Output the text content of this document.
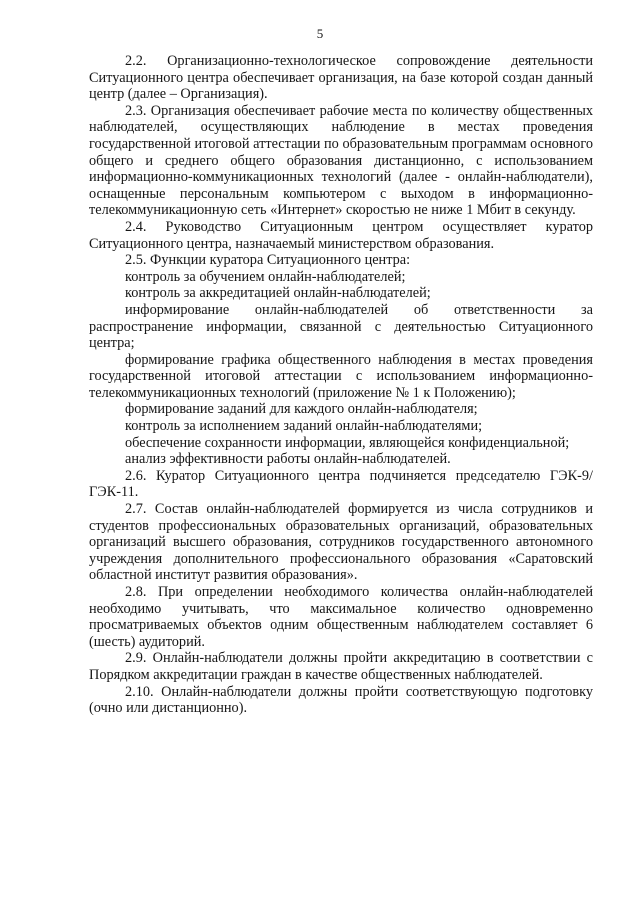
5

2.2. Организационно-технологическое сопровождение деятельности Ситуационного центра обеспечивает организация, на базе которой создан данный центр (далее – Организация).

2.3. Организация обеспечивает рабочие места по количеству общественных наблюдателей, осуществляющих наблюдение в местах проведения государственной итоговой аттестации по образовательным программам основного общего и среднего общего образования дистанционно, с использованием информационно-коммуникационных технологий (далее - онлайн-наблюдатели), оснащенные персональным компьютером с выходом в информационно-телекоммуникационную сеть «Интернет» скоростью не ниже 1 Мбит в секунду.

2.4. Руководство Ситуационным центром осуществляет куратор Ситуационного центра, назначаемый министерством образования.

2.5. Функции куратора Ситуационного центра:

контроль за обучением онлайн-наблюдателей;

контроль за аккредитацией онлайн-наблюдателей;

информирование онлайн-наблюдателей об ответственности за распространение информации, связанной с деятельностью Ситуационного центра;

формирование графика общественного наблюдения в местах проведения государственной итоговой аттестации с использованием информационно-телекоммуникационных технологий (приложение № 1 к Положению);

формирование заданий для каждого онлайн-наблюдателя;

контроль за исполнением заданий онлайн-наблюдателями;

обеспечение сохранности информации, являющейся конфиденциальной;

анализ эффективности работы онлайн-наблюдателей.

2.6. Куратор Ситуационного центра подчиняется председателю ГЭК-9/ГЭК-11.

2.7. Состав онлайн-наблюдателей формируется из числа сотрудников и студентов профессиональных образовательных организаций, образовательных организаций высшего образования, сотрудников государственного автономного учреждения дополнительного профессионального образования «Саратовский областной институт развития образования».

2.8. При определении необходимого количества онлайн-наблюдателей необходимо учитывать, что максимальное количество одновременно просматриваемых объектов одним общественным наблюдателем составляет 6 (шесть) аудиторий.

2.9. Онлайн-наблюдатели должны пройти аккредитацию в соответствии с Порядком аккредитации граждан в качестве общественных наблюдателей.

2.10. Онлайн-наблюдатели должны пройти соответствующую подготовку (очно или дистанционно).
